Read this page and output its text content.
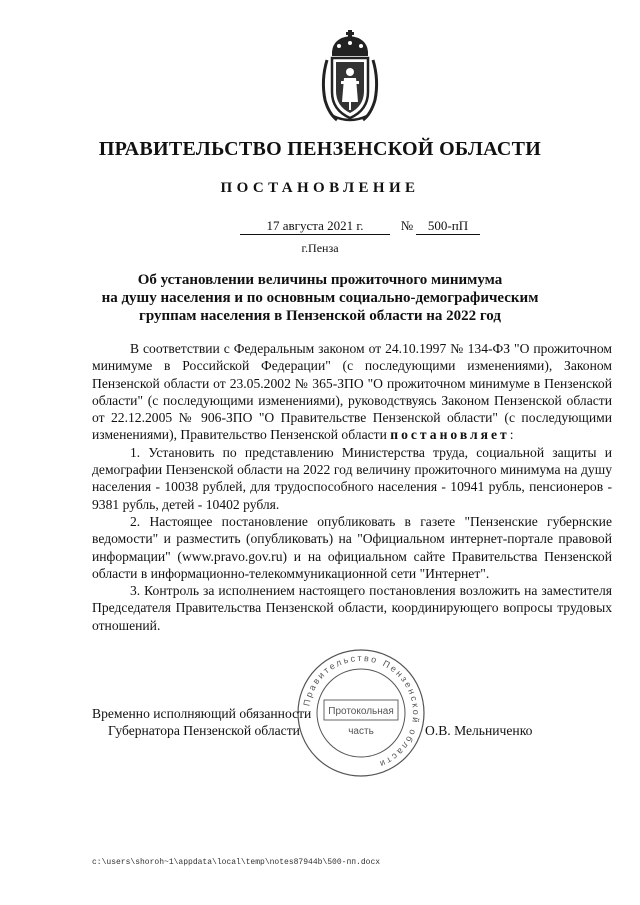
ПРАВИТЕЛЬСТВО ПЕНЗЕНСКОЙ ОБЛАСТИ
ПОСТАНОВЛЕНИЕ
17 августа 2021 г.	№	500-пП
г.Пенза
Об установлении величины прожиточного минимума
на душу населения и по основным социально-демографическим
группам населения в Пензенской области на 2022 год

В соответствии с Федеральным законом от 24.10.1997 № 134-ФЗ "О прожиточном минимуме в Российской Федерации" (с последующими изменениями), Законом Пензенской области от 23.05.2002 № 365-ЗПО "О прожиточном минимуме в Пензенской области" (с последующими изменениями), руководствуясь Законом Пензенской области от 22.12.2005 № 906-ЗПО "О Правительстве Пензенской области" (с последующими изменениями), Правительство Пензенской области постановляет:

1. Установить по представлению Министерства труда, социальной защиты и демографии Пензенской области на 2022 год величину прожиточного минимума на душу населения - 10038 рублей, для трудоспособного населения - 10941 рубль, пенсионеров - 9381 рубль, детей - 10402 рубля.

2. Настоящее постановление опубликовать в газете "Пензенские губернские ведомости" и разместить (опубликовать) на "Официальном интернет-портале правовой информации" (www.pravo.gov.ru) и на официальном сайте Правительства Пензенской области в информационно-телекоммуникационной сети "Интернет".

3. Контроль за исполнением настоящего постановления возложить на заместителя Председателя Правительства Пензенской области, координирующего вопросы трудовых отношений.

Правительство Пензенской области
Протокольная
часть
Временно исполняющий обязанности
Губернатора Пензенской области	О.В. Мельниченко
c:\users\shoroh~1\appdata\local\temp\notes87944b\500-пп.docx
